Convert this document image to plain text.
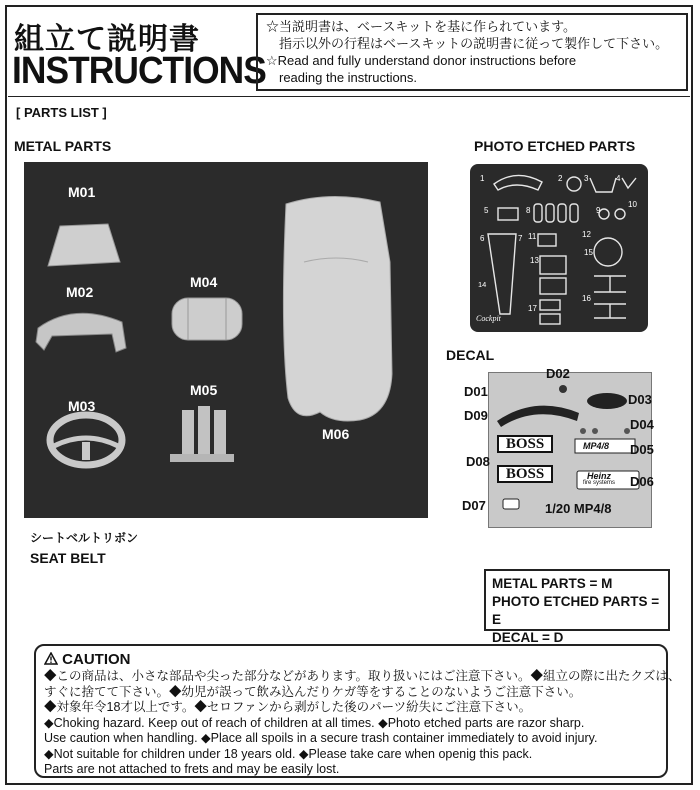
組立て説明書
INSTRUCTIONS
☆当説明書は、ベースキットを基に作られています。
指示以外の行程はベースキットの説明書に従って製作して下さい。
☆Read and fully understand donor instructions before
reading the instructions.
[ PARTS LIST ]
METAL PARTS	PHOTO ETCHED PARTS
M01
M02
M03
M04
M05
M06
シートベルトリボン
SEAT BELT
14
1	2	3	4
5
6	7
8	9
10
11	12
13
15
16
17
Cockpit
DECAL
BOSS
BOSS
MP4/8
Heinz
fire systems
1/20 MP4/8
D02
D01
D03
D09
D04
D05
D08
D06
D07
METAL PARTS = M
PHOTO ETCHED PARTS = E
DECAL = D
CAUTION
◆この商品は、小さな部品や尖った部分などがあります。取り扱いにはご注意下さい。◆組立の際に出たクズは、
すぐに捨てて下さい。◆幼児が誤って飲み込んだりケガ等をすることのないようご注意下さい。
◆対象年令18才以上です。◆セロファンから剥がした後のパーツ紛失にご注意下さい。
◆Choking hazard. Keep out of reach of children at all times. ◆Photo etched parts are razor sharp.
Use caution when handling. ◆Place all spoils in a secure trash container immediately to avoid injury.
◆Not suitable for children under 18 years old. ◆Please take care when openig this pack.
Parts are not attached to frets and may be easily lost.
